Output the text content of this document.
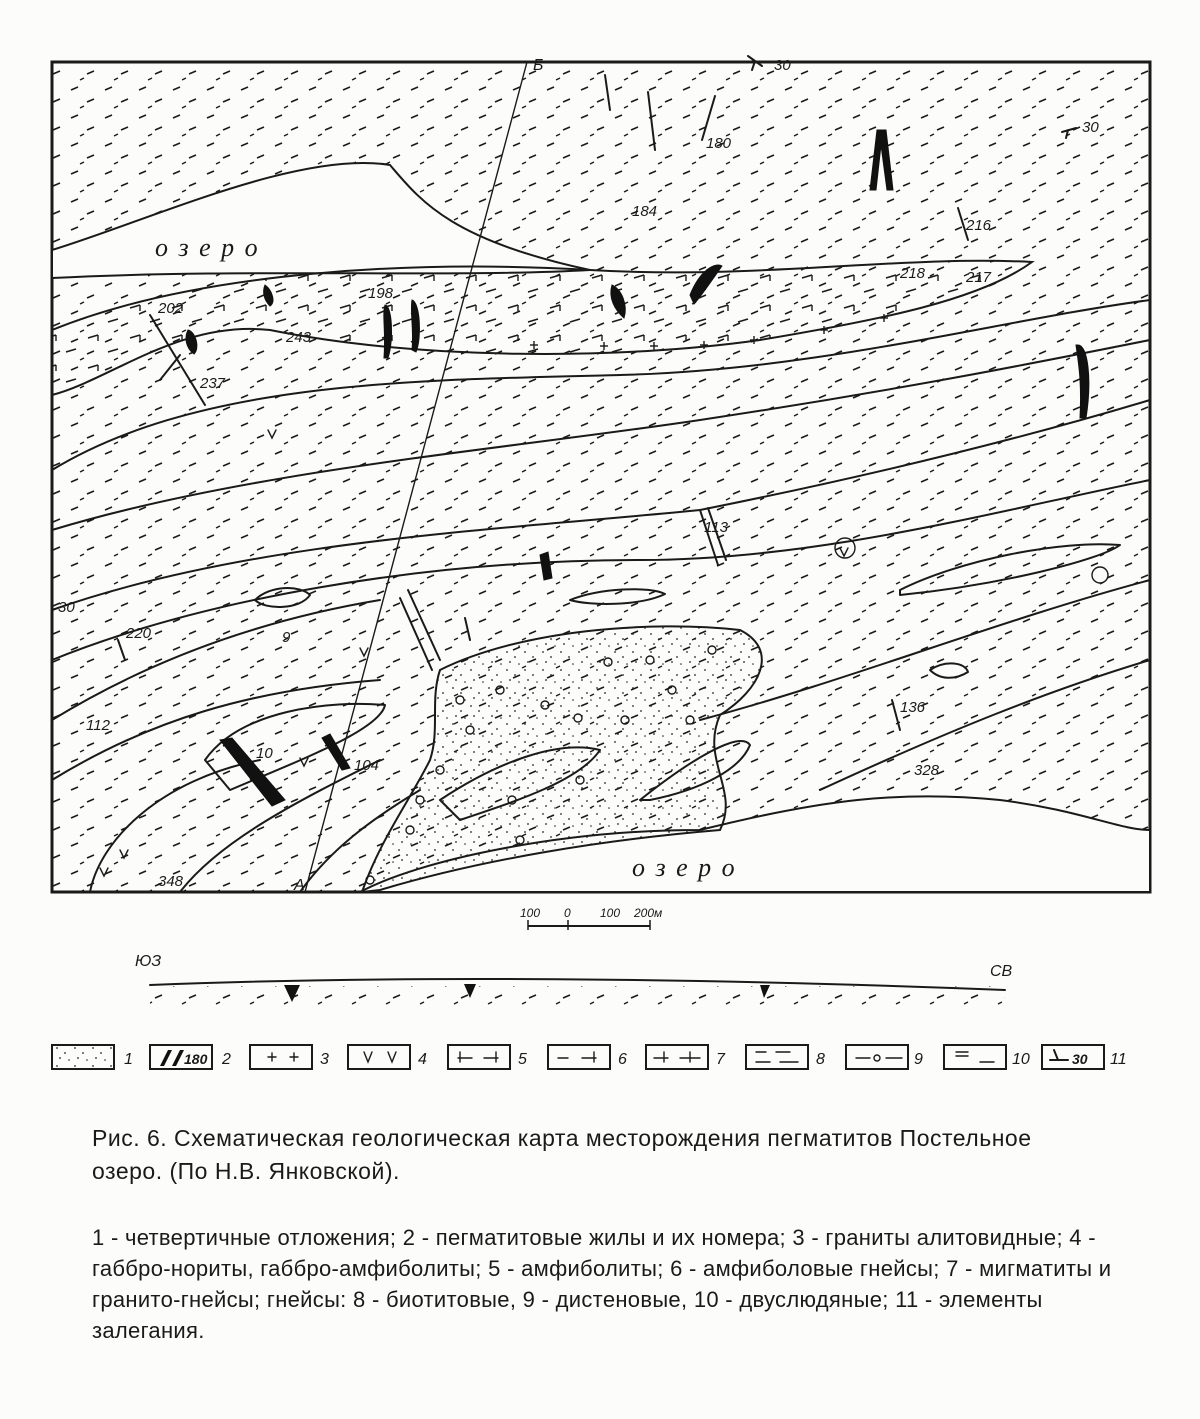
о з е р о
о з е р о
Б
А
180
184
216
217
218
198
202
243
237
113
136
328
104
10
9
220
112
348
30
30
30
100 0 100 200м
ЮЗ
СВ
1	180 2	3	4	5	6	7	8	9	10	30 11
Рис. 6. Схематическая геологическая карта месторождения пегматитов Постельное озеро. (По Н.В. Янковской).
1 - четвертичные отложения; 2 - пегматитовые жилы и их номера; 3 - граниты алитовидные; 4 - габбро-нориты, габбро-амфиболиты; 5 - амфиболиты; 6 - амфиболовые гнейсы; 7 - мигматиты и гранито-гнейсы; гнейсы: 8 - биотитовые, 9 - дистеновые, 10 - двуслюдяные; 11 - элементы залегания.
